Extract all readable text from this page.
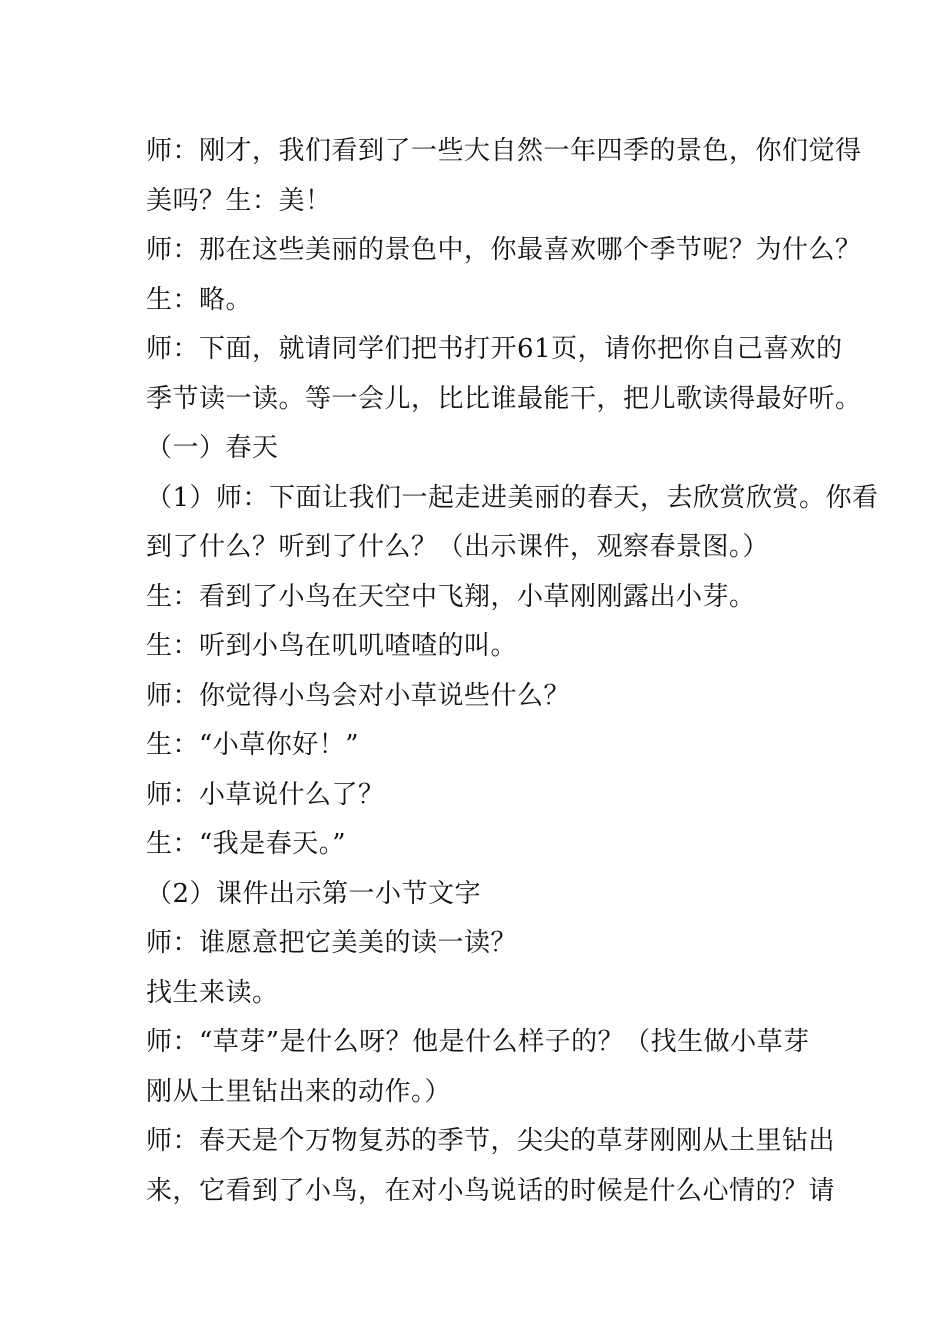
师：刚才，我们看到了一些大自然一年四季的景色，你们觉得
美吗？生：美！
师：那在这些美丽的景色中，你最喜欢哪个季节呢？为什么？
生：略。
师：下面，就请同学们把书打开61页，请你把你自己喜欢的
季节读一读。等一会儿，比比谁最能干，把儿歌读得最好听。
（一）春天
（1）师：下面让我们一起走进美丽的春天，去欣赏欣赏。你看
到了什么？听到了什么？（出示课件，观察春景图。）
生：看到了小鸟在天空中飞翔，小草刚刚露出小芽。
生：听到小鸟在叽叽喳喳的叫。
师：你觉得小鸟会对小草说些什么？
生：“小草你好！”
师：小草说什么了？
生：“我是春天。”
（2）课件出示第一小节文字
师：谁愿意把它美美的读一读？
找生来读。
师：“草芽”是什么呀？他是什么样子的？（找生做小草芽
刚从土里钻出来的动作。）
师：春天是个万物复苏的季节，尖尖的草芽刚刚从土里钻出
来，它看到了小鸟，在对小鸟说话的时候是什么心情的？请
